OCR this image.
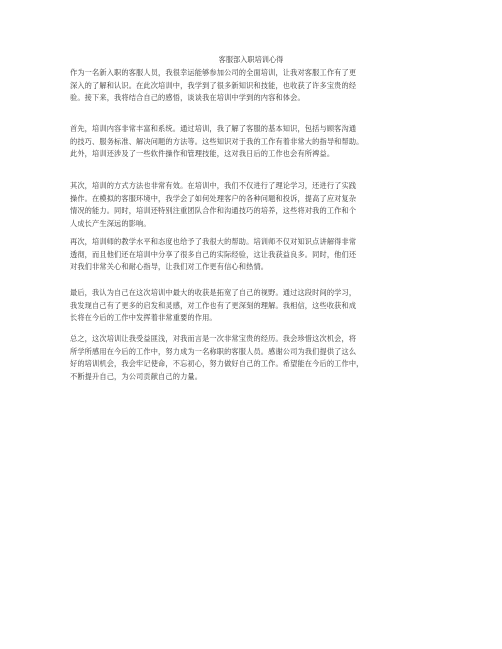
客服部入职培训心得
作为一名新入职的客服人员，我很幸运能够参加公司的全面培训，让我对客服工作有了更
深入的了解和认识。在此次培训中，我学到了很多新知识和技能，也收获了许多宝贵的经
验。接下来，我将结合自己的感悟，谈谈我在培训中学到的内容和体会。
首先，培训内容非常丰富和系统。通过培训，我了解了客服的基本知识，包括与顾客沟通
的技巧、服务标准、解决问题的方法等。这些知识对于我的工作有着非常大的指导和帮助。
此外，培训还涉及了一些软件操作和管理技能，这对我日后的工作也会有所裨益。
其次，培训的方式方法也非常有效。在培训中，我们不仅进行了理论学习，还进行了实践
操作。在模拟的客服环境中，我学会了如何处理客户的各种问题和投诉，提高了应对复杂
情况的能力。同时，培训还特别注重团队合作和沟通技巧的培养，这些将对我的工作和个
人成长产生深远的影响。
再次，培训师的教学水平和态度也给予了我很大的帮助。培训师不仅对知识点讲解得非常
透彻，而且他们还在培训中分享了很多自己的实际经验，这让我获益良多。同时，他们还
对我们非常关心和耐心指导，让我们对工作更有信心和热情。
最后，我认为自己在这次培训中最大的收获是拓宽了自己的视野。通过这段时间的学习，
我发现自己有了更多的启发和灵感，对工作也有了更深刻的理解。我相信，这些收获和成
长将在今后的工作中发挥着非常重要的作用。
总之，这次培训让我受益匪浅，对我而言是一次非常宝贵的经历。我会珍惜这次机会，将
所学所感用在今后的工作中，努力成为一名称职的客服人员。感谢公司为我们提供了这么
好的培训机会，我会牢记使命，不忘初心，努力做好自己的工作。希望能在今后的工作中，
不断提升自己，为公司贡献自己的力量。
